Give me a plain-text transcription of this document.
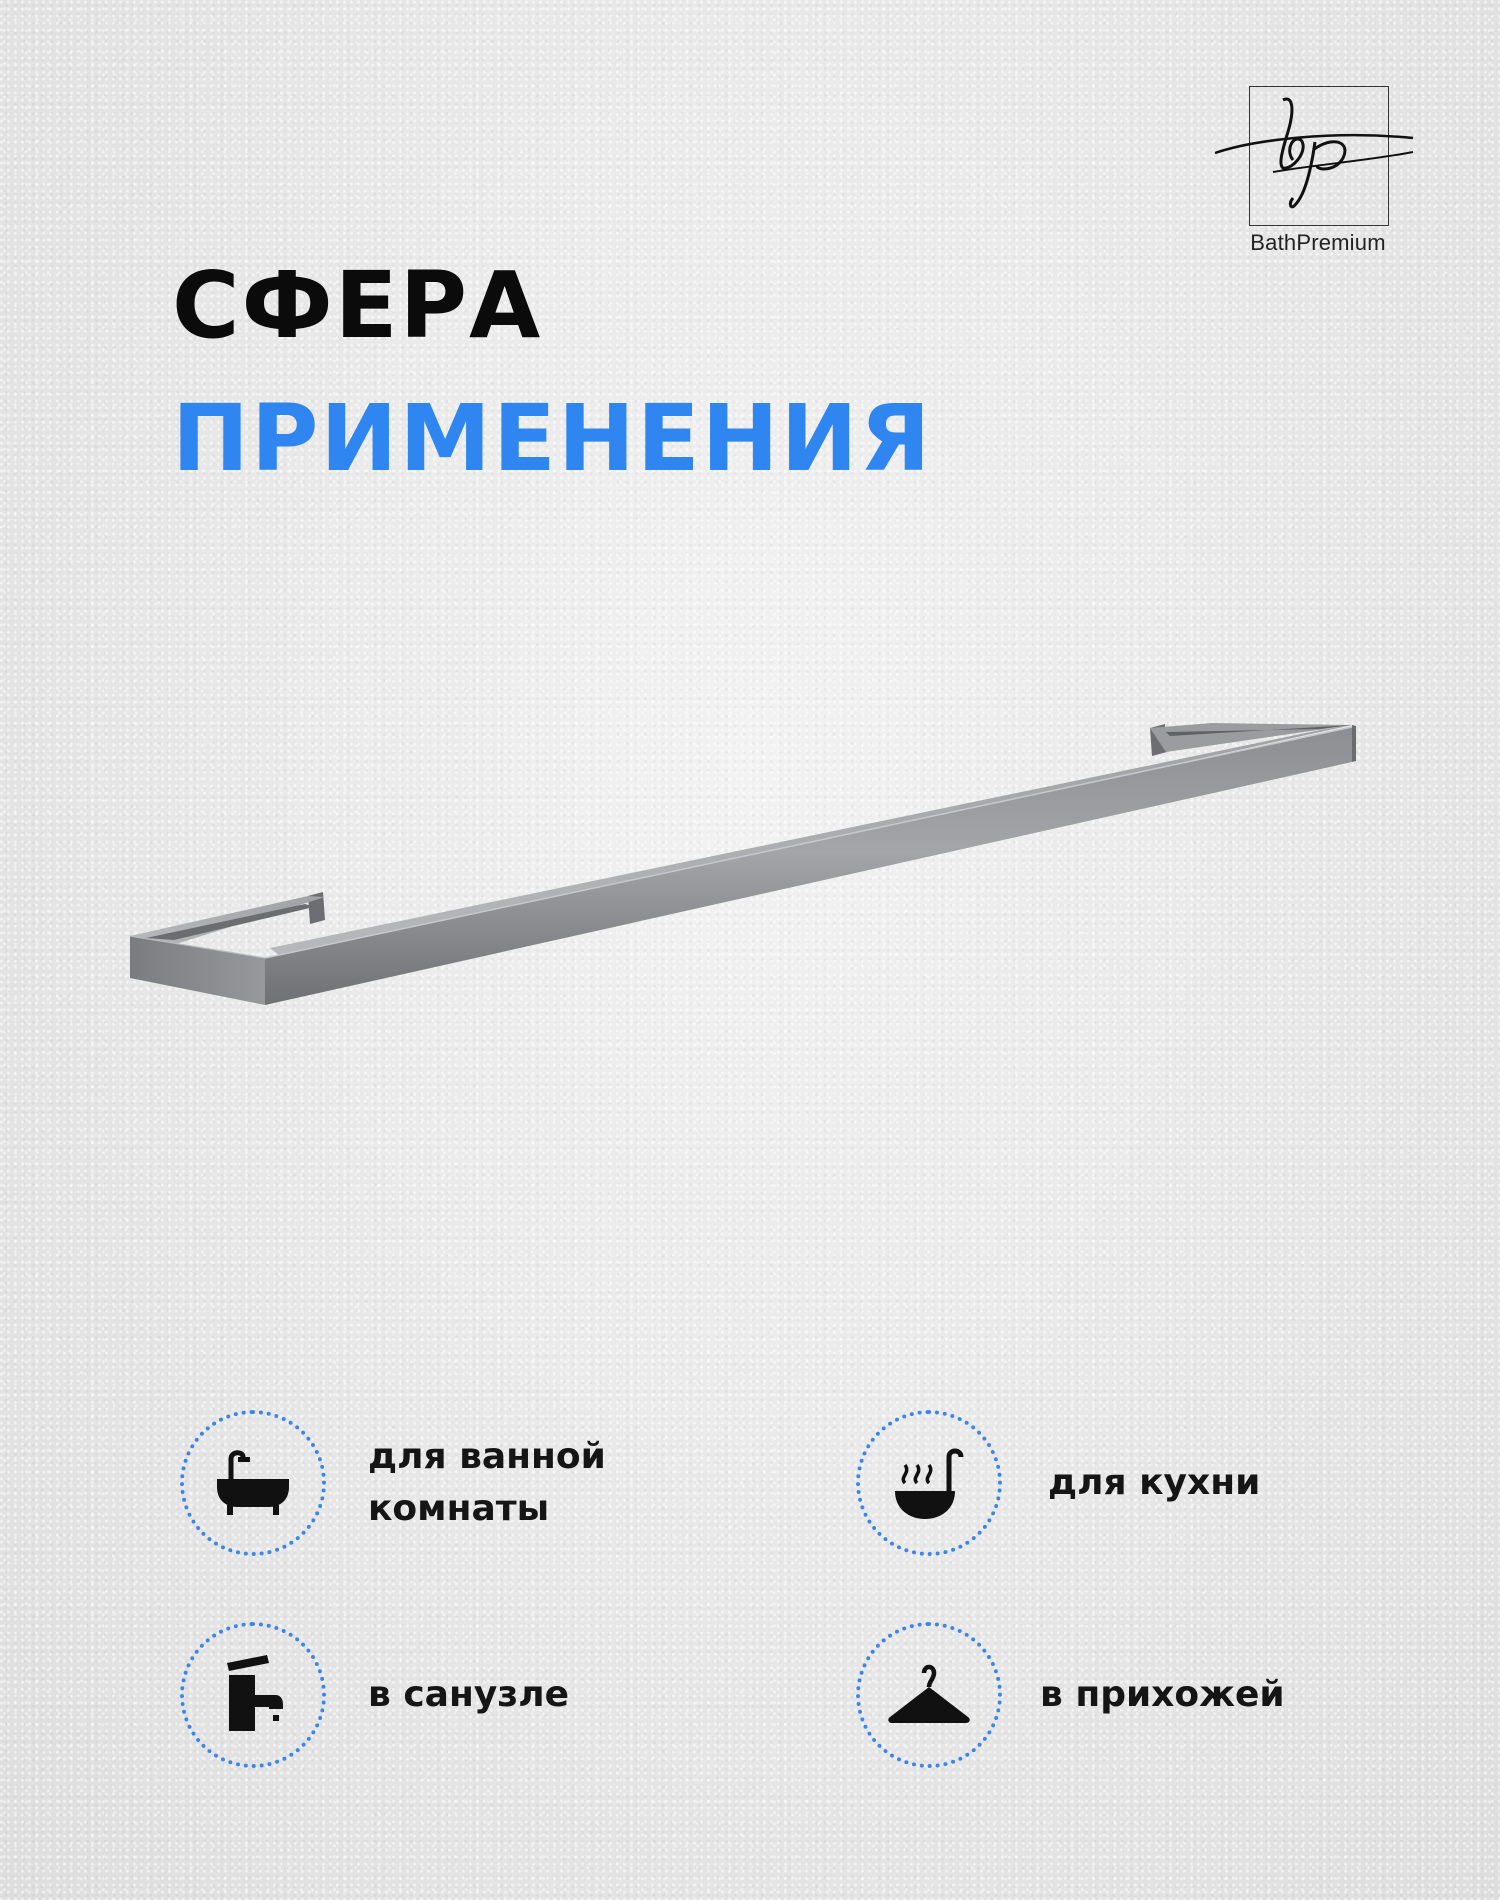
BathPremium
СФЕРА
ПРИМЕНЕНИЯ
для ванной
комнаты
для кухни
в санузле	в прихожей
